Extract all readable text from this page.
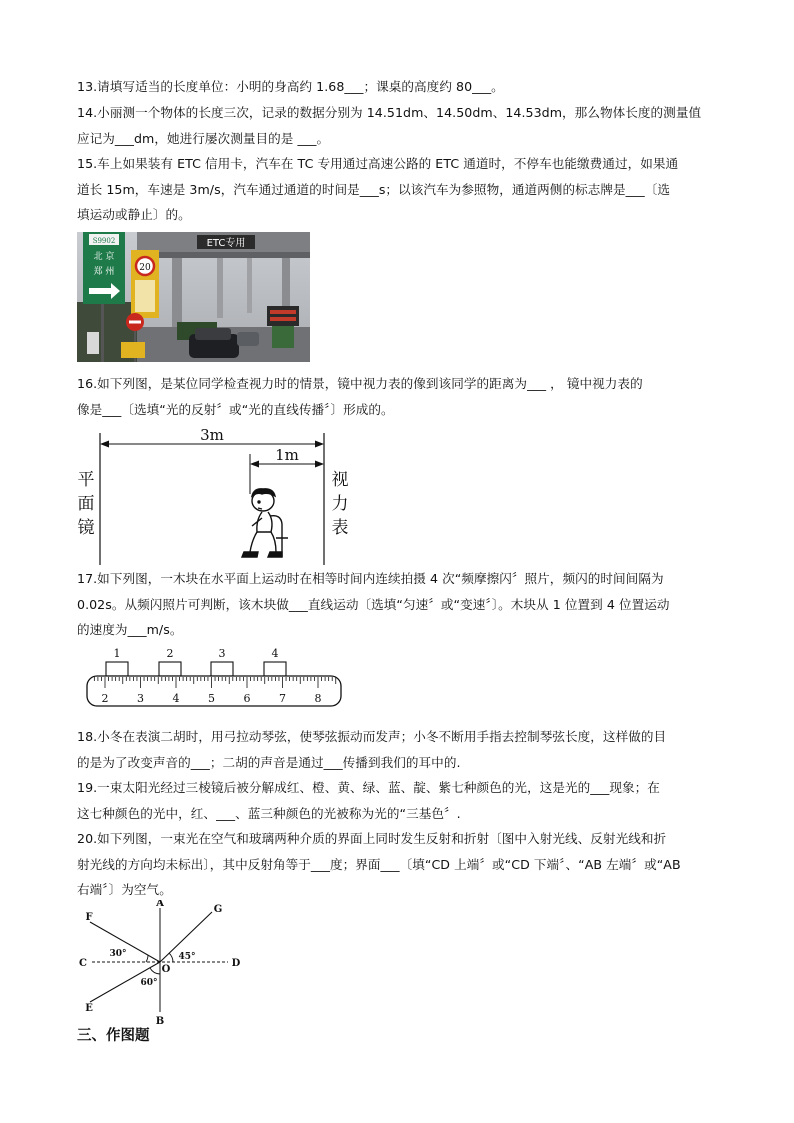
13.请填写适当的长度单位：小明的身高约 1.68___；课桌的高度约 80___。

14.小丽测一个物体的长度三次，记录的数据分别为 14.51dm、14.50dm、14.53dm，那么物体长度的测量值

应记为___dm，她进行屡次测量目的是 ___。

15.车上如果装有 ETC 信用卡，汽车在 TC 专用通过高速公路的 ETC 通道时，不停车也能缴费通过，如果通

道长 15m，车速是 3m/s，汽车通过通道的时间是___s；以该汽车为参照物，通道两侧的标志牌是___〔选

填运动或静止〕的。

ETC专用
S9902
北 京
郑 州	20

16.如下列图，是某位同学检查视力时的情景，镜中视力表的像到该同学的距离为___ ， 镜中视力表的

像是___〔选填“光的反射〞或“光的直线传播〞〕形成的。

3m
1m
平
面
镜
视
力
表

17.如下列图，一木块在水平面上运动时在相等时间内连续拍摄 4 次“频摩擦闪〞照片，频闪的时间间隔为

0.02s。从频闪照片可判断，该木块做___直线运动〔选填“匀速〞或“变速〞〕。木块从 1 位置到 4 位置运动

的速度为___m/s。

1	2	3	4
2	3	4	5	6	7	8

18.小冬在表演二胡时，用弓拉动琴弦，使琴弦振动而发声；小冬不断用手指去控制琴弦长度，这样做的目

的是为了改变声音的___；二胡的声音是通过___传播到我们的耳中的.

19.一束太阳光经过三棱镜后被分解成红、橙、黄、绿、蓝、靛、紫七种颜色的光，这是光的___现象；在

这七种颜色的光中，红、___、蓝三种颜色的光被称为光的“三基色〞.

20.如下列图，一束光在空气和玻璃两种介质的界面上同时发生反射和折射〔图中入射光线、反射光线和折

射光线的方向均未标出〕，其中反射角等于___度；界面___〔填“CD 上端〞或“CD 下端〞、“AB 左端〞或“AB

右端〞〕为空气。

A
B
C	D
E
F
G
O
30°	45°
60°
三、作图题
